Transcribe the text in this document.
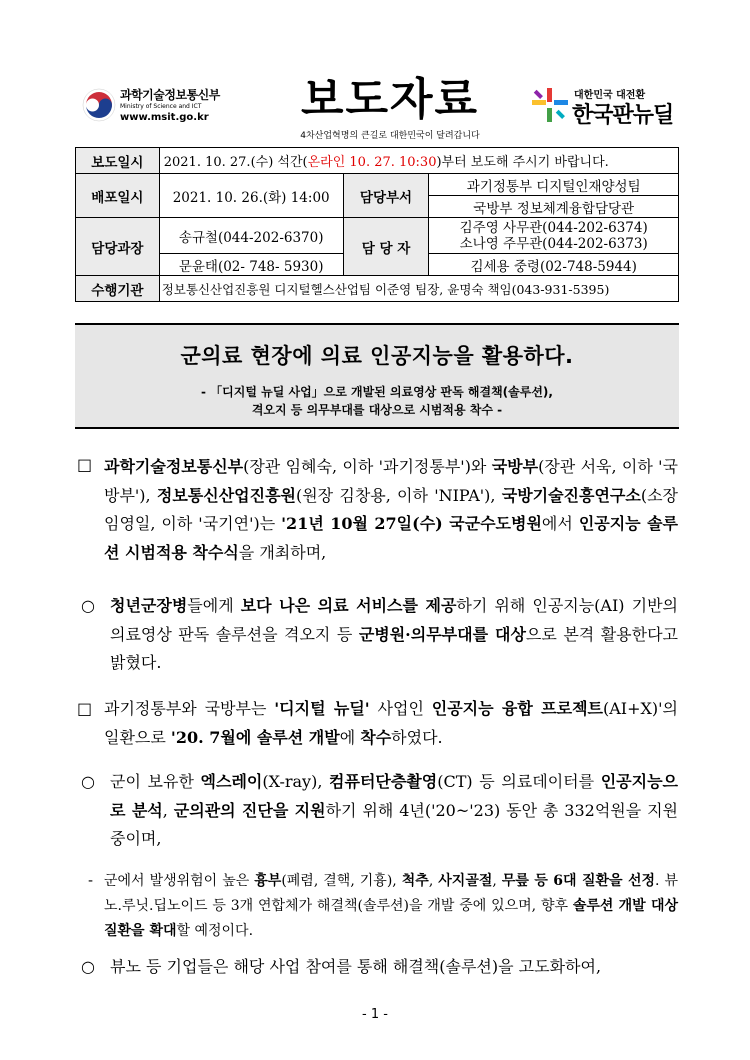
과학기술정보통신부
Ministry of Science and ICT
www.msit.go.kr 보도자료
4차산업혁명의 큰길로 대한민국이 달려갑니다
대한민국 대전환
한국판뉴딜
보도일시	2021. 10. 27.(수) 석간(온라인 10. 27. 10:30)부터 보도해 주시기 바랍니다.		
배포일시	2021. 10. 26.(화) 14:00	담당부서	과기정통부 디지털인재양성팀
			국방부 정보체계융합담당관
담당과장	송규철(044-202-6370)	담 당 자	김주영 사무관(044-202-6374)
소나영 주무관(044-202-6373)

	문윤태(02- 748- 5930)		김세용 중령(02-748-5944)
수행기관	정보통신산업진흥원 디지털헬스산업팀 이준영 팀장, 윤명숙 책임(043-931-5395)		
군의료 현장에 의료 인공지능을 활용하다.
- 「디지털 뉴딜 사업」으로 개발된 의료영상 판독 해결책(솔루션),
격오지 등 의무부대를 대상으로 시범적용 착수 -
□ 과학기술정보통신부(장관 임혜숙, 이하 '과기정통부')와 국방부(장관 서욱, 이하 '국방부'), 정보통신산업진흥원(원장 김창용, 이하 'NIPA'), 국방기술진흥연구소(소장 임영일, 이하 '국기연')는 '21년 10월 27일(수) 국군수도병원에서 인공지능 솔루션 시범적용 착수식을 개최하며,
○ 청년군장병들에게 보다 나은 의료 서비스를 제공하기 위해 인공지능(AI) 기반의 의료영상 판독 솔루션을 격오지 등 군병원·의무부대를 대상으로 본격 활용한다고 밝혔다.
□ 과기정통부와 국방부는 '디지털 뉴딜' 사업인 인공지능 융합 프로젝트(AI+X)'의 일환으로 '20. 7월에 솔루션 개발에 착수하였다.
○ 군이 보유한 엑스레이(X-ray), 컴퓨터단층촬영(CT) 등 의료데이터를 인공지능으로 분석, 군의관의 진단을 지원하기 위해 4년('20~'23) 동안 총 332억원을 지원 중이며,
- 군에서 발생위험이 높은 흉부(폐렴, 결핵, 기흉), 척추, 사지골절, 무릎 등 6대 질환을 선정. 뷰노.루닛.딥노이드 등 3개 연합체가 해결책(솔루션)을 개발 중에 있으며, 향후 솔루션 개발 대상 질환을 확대할 예정이다.
○ 뷰노 등 기업들은 해당 사업 참여를 통해 해결책(솔루션)을 고도화하여,
- 1 -
